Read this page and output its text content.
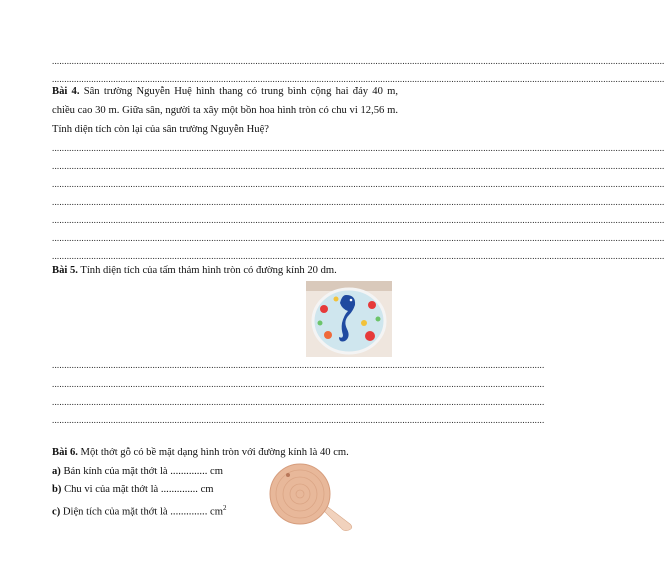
..........................................................................................................................................................................................................................................................
..........................................................................................................................................................................................................................................................
Bài 4. Sân trường Nguyễn Huệ hình thang có trung bình cộng hai đáy 40 m, chiều cao 30 m. Giữa sân, người ta xây một bồn hoa hình tròn có chu vi 12,56 m. Tính diện tích còn lại của sân trường Nguyễn Huệ?
..........................................................................................................................................................................................................................................................
..........................................................................................................................................................................................................................................................
..........................................................................................................................................................................................................................................................
..........................................................................................................................................................................................................................................................
..........................................................................................................................................................................................................................................................
..........................................................................................................................................................................................................................................................
..........................................................................................................................................................................................................................................................
Bài 5. Tính diện tích của tấm thảm hình tròn có đường kính 20 dm.
.........................................................................................................................................................................................................
.........................................................................................................................................................................................................
.........................................................................................................................................................................................................
.........................................................................................................................................................................................................
Bài 6. Một thớt gỗ có bề mặt dạng hình tròn với đường kính là 40 cm.
a) Bán kính của mặt thớt là .............. cm
b) Chu vi của mặt thớt là .............. cm
c) Diện tích của mặt thớt là .............. $cm^2$
